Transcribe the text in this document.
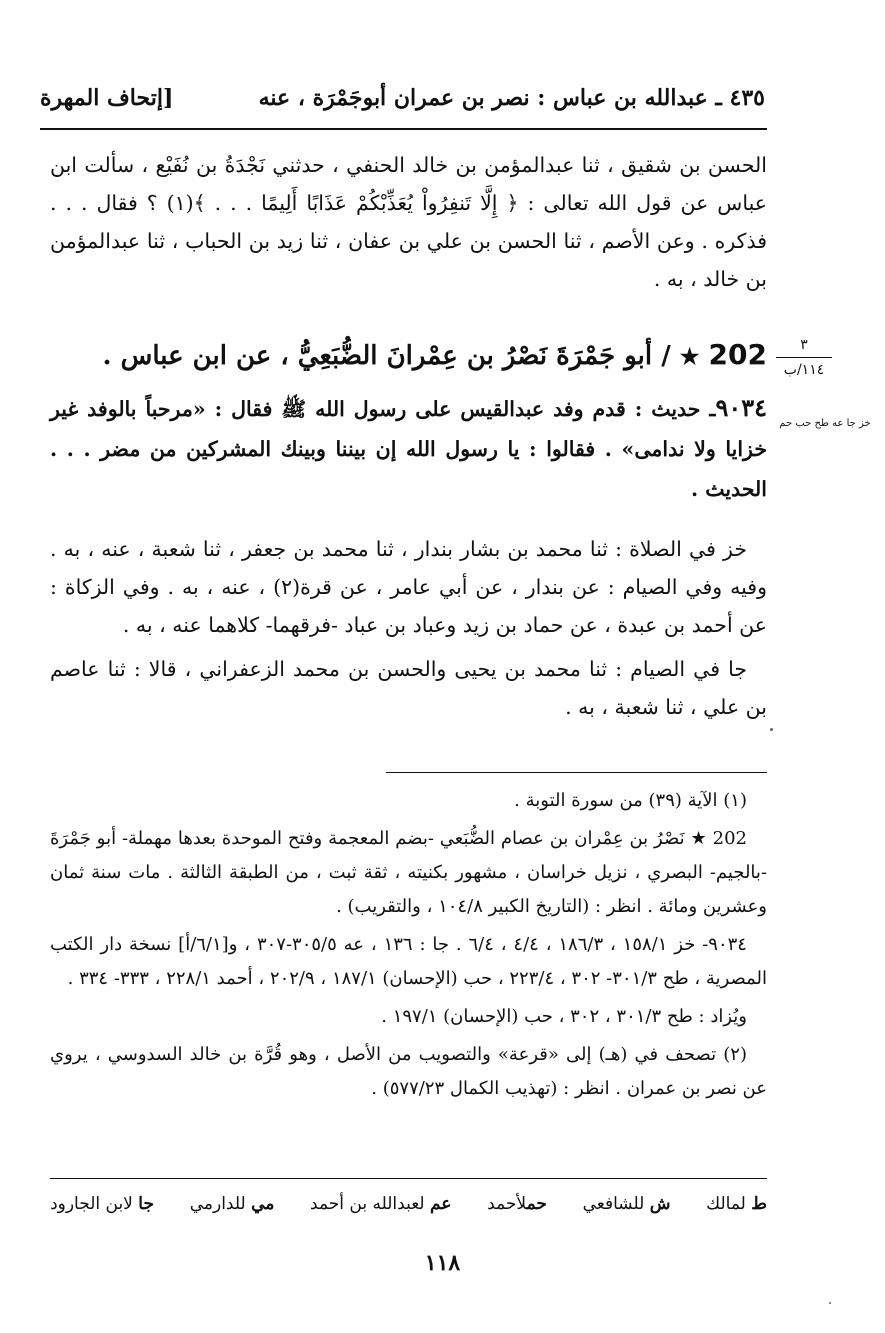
٤٣٥ ـ عبدالله بن عباس : نصر بن عمران أبوجَمْرَة ، عنه
[إتحاف المهرة
الحسن بن شقيق ، ثنا عبدالمؤمن بن خالد الحنفي ، حدثني نَجْدَةُ بن نُفَيْع ، سألت ابن عباس عن قول الله تعالى : ﴿ إِلَّا تَنفِرُواْ يُعَذِّبْكُمْ عَذَابًا أَلِيمًا . . . ﴾(١) ؟ فقال . . . فذكره . وعن الأصم ، ثنا الحسن بن علي بن عفان ، ثنا زيد بن الحباب ، ثنا عبدالمؤمن بن خالد ، به .
٣
١١٤/ب
202 ★ / أبو جَمْرَةَ نَصْرُ بن عِمْرانَ الضُّبَعِيُّ ، عن ابن عباس .
خز جا عه طح حب حم
٩٠٣٤ـ حديث : قدم وفد عبدالقيس على رسول الله ﷺ فقال : «مرحباً بالوفد غير خزايا ولا ندامى» . فقالوا : يا رسول الله إن بيننا وبينك المشركين من مضر . . . الحديث .

خز في الصلاة : ثنا محمد بن بشار بندار ، ثنا محمد بن جعفر ، ثنا شعبة ، عنه ، به . وفيه وفي الصيام : عن بندار ، عن أبي عامر ، عن قرة(٢) ، عنه ، به . وفي الزكاة : عن أحمد بن عبدة ، عن حماد بن زيد وعباد بن عباد -فرقهما- كلاهما عنه ، به .

جا في الصيام : ثنا محمد بن يحيى والحسن بن محمد الزعفراني ، قالا : ثنا عاصم بن علي ، ثنا شعبة ، به .

(١) الآية (٣٩) من سورة التوبة .

202 ★ نَصْرُ بن عِمْران بن عصام الضُّبَعي -بضم المعجمة وفتح الموحدة بعدها مهملة- أبو جَمْرَةَ -بالجيم- البصري ، نزيل خراسان ، مشهور بكنيته ، ثقة ثبت ، من الطبقة الثالثة . مات سنة ثمان وعشرين ومائة . انظر : (التاريخ الكبير ١٠٤/٨ ، والتقريب) .

٩٠٣٤- خز ١٥٨/١ ، ١٨٦/٣ ، ٤/٤ ، ٦/٤ . جا : ١٣٦ ، عه ٣٠٥/٥-٣٠٧ ، و[٦/١/أ] نسخة دار الكتب المصرية ، طح ٣٠١/٣- ٣٠٢ ، ٢٢٣/٤ ، حب (الإحسان) ١٨٧/١ ، ٢٠٢/٩ ، أحمد ٢٢٨/١ ، ٣٣٣- ٣٣٤ .

ويُزاد : طح ٣٠١/٣ ، ٣٠٢ ، حب (الإحسان) ١٩٧/١ .

(٢) تصحف في (هـ) إلى «قرعة» والتصويب من الأصل ، وهو قُرَّة بن خالد السدوسي ، يروي عن نصر بن عمران . انظر : (تهذيب الكمال ٥٧٧/٢٣) .

ط لمالك
ش للشافعي
حملأحمد
عم لعبدالله بن أحمد
مي للدارمي
جا لابن الجارود
١١٨
